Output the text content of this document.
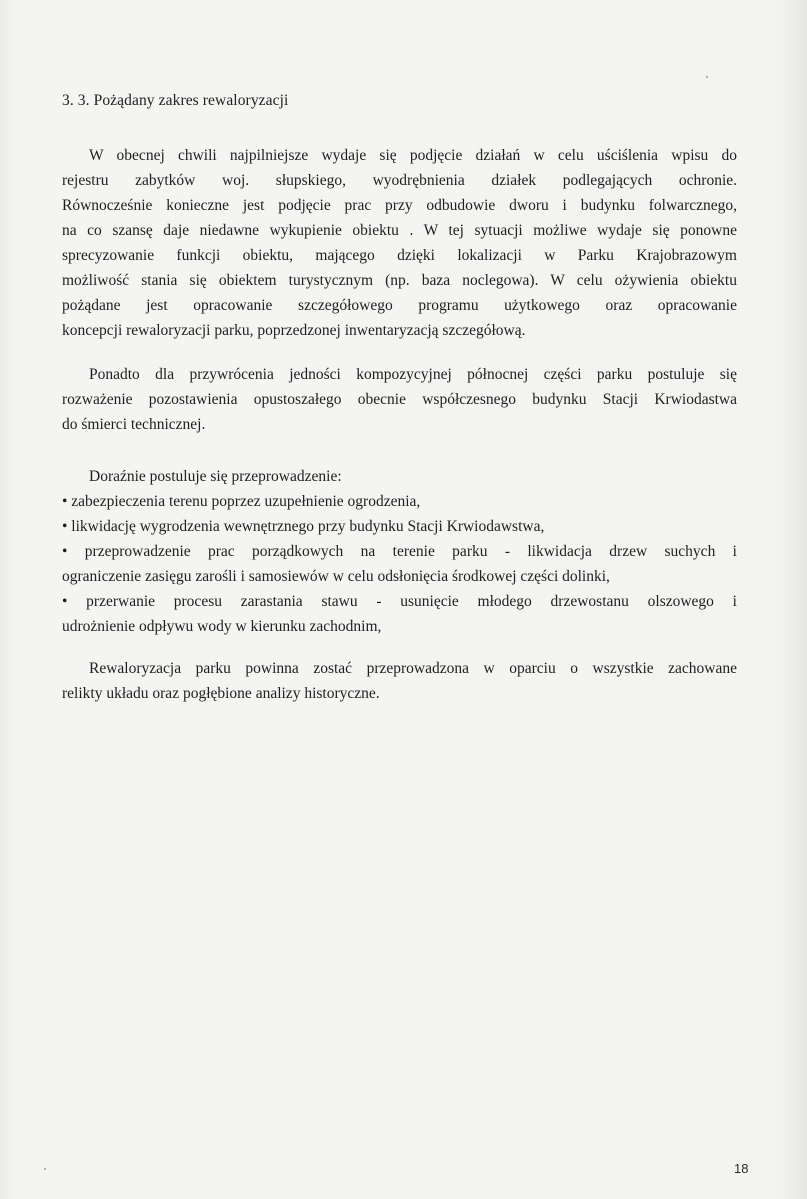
3. 3. Pożądany zakres rewaloryzacji
W obecnej chwili najpilniejsze wydaje się podjęcie działań w celu uściślenia wpisu do
rejestru zabytków woj. słupskiego, wyodrębnienia działek podlegających ochronie.
Równocześnie konieczne jest podjęcie prac przy odbudowie dworu i budynku folwarcznego,
na co szansę daje niedawne wykupienie obiektu . W tej sytuacji możliwe wydaje się ponowne
sprecyzowanie funkcji obiektu, mającego dzięki lokalizacji w Parku Krajobrazowym
możliwość stania się obiektem turystycznym (np. baza noclegowa). W celu ożywienia obiektu
pożądane jest opracowanie szczegółowego programu użytkowego oraz opracowanie
koncepcji rewaloryzacji parku, poprzedzonej inwentaryzacją szczegółową.
Ponadto dla przywrócenia jedności kompozycyjnej północnej części parku postuluje się
rozważenie pozostawienia opustoszałego obecnie współczesnego budynku Stacji Krwiodastwa
do śmierci technicznej.
Doraźnie postuluje się przeprowadzenie:
• zabezpieczenia terenu poprzez uzupełnienie ogrodzenia,
• likwidację wygrodzenia wewnętrznego przy budynku Stacji Krwiodawstwa,
• przeprowadzenie prac porządkowych na terenie parku - likwidacja drzew suchych i
ograniczenie zasięgu zarośli i samosiewów w celu odsłonięcia środkowej części dolinki,
• przerwanie procesu zarastania stawu - usunięcie młodego drzewostanu olszowego i
udrożnienie odpływu wody w kierunku zachodnim,
Rewaloryzacja parku powinna zostać przeprowadzona w oparciu o wszystkie zachowane
relikty układu oraz pogłębione analizy historyczne.
18
